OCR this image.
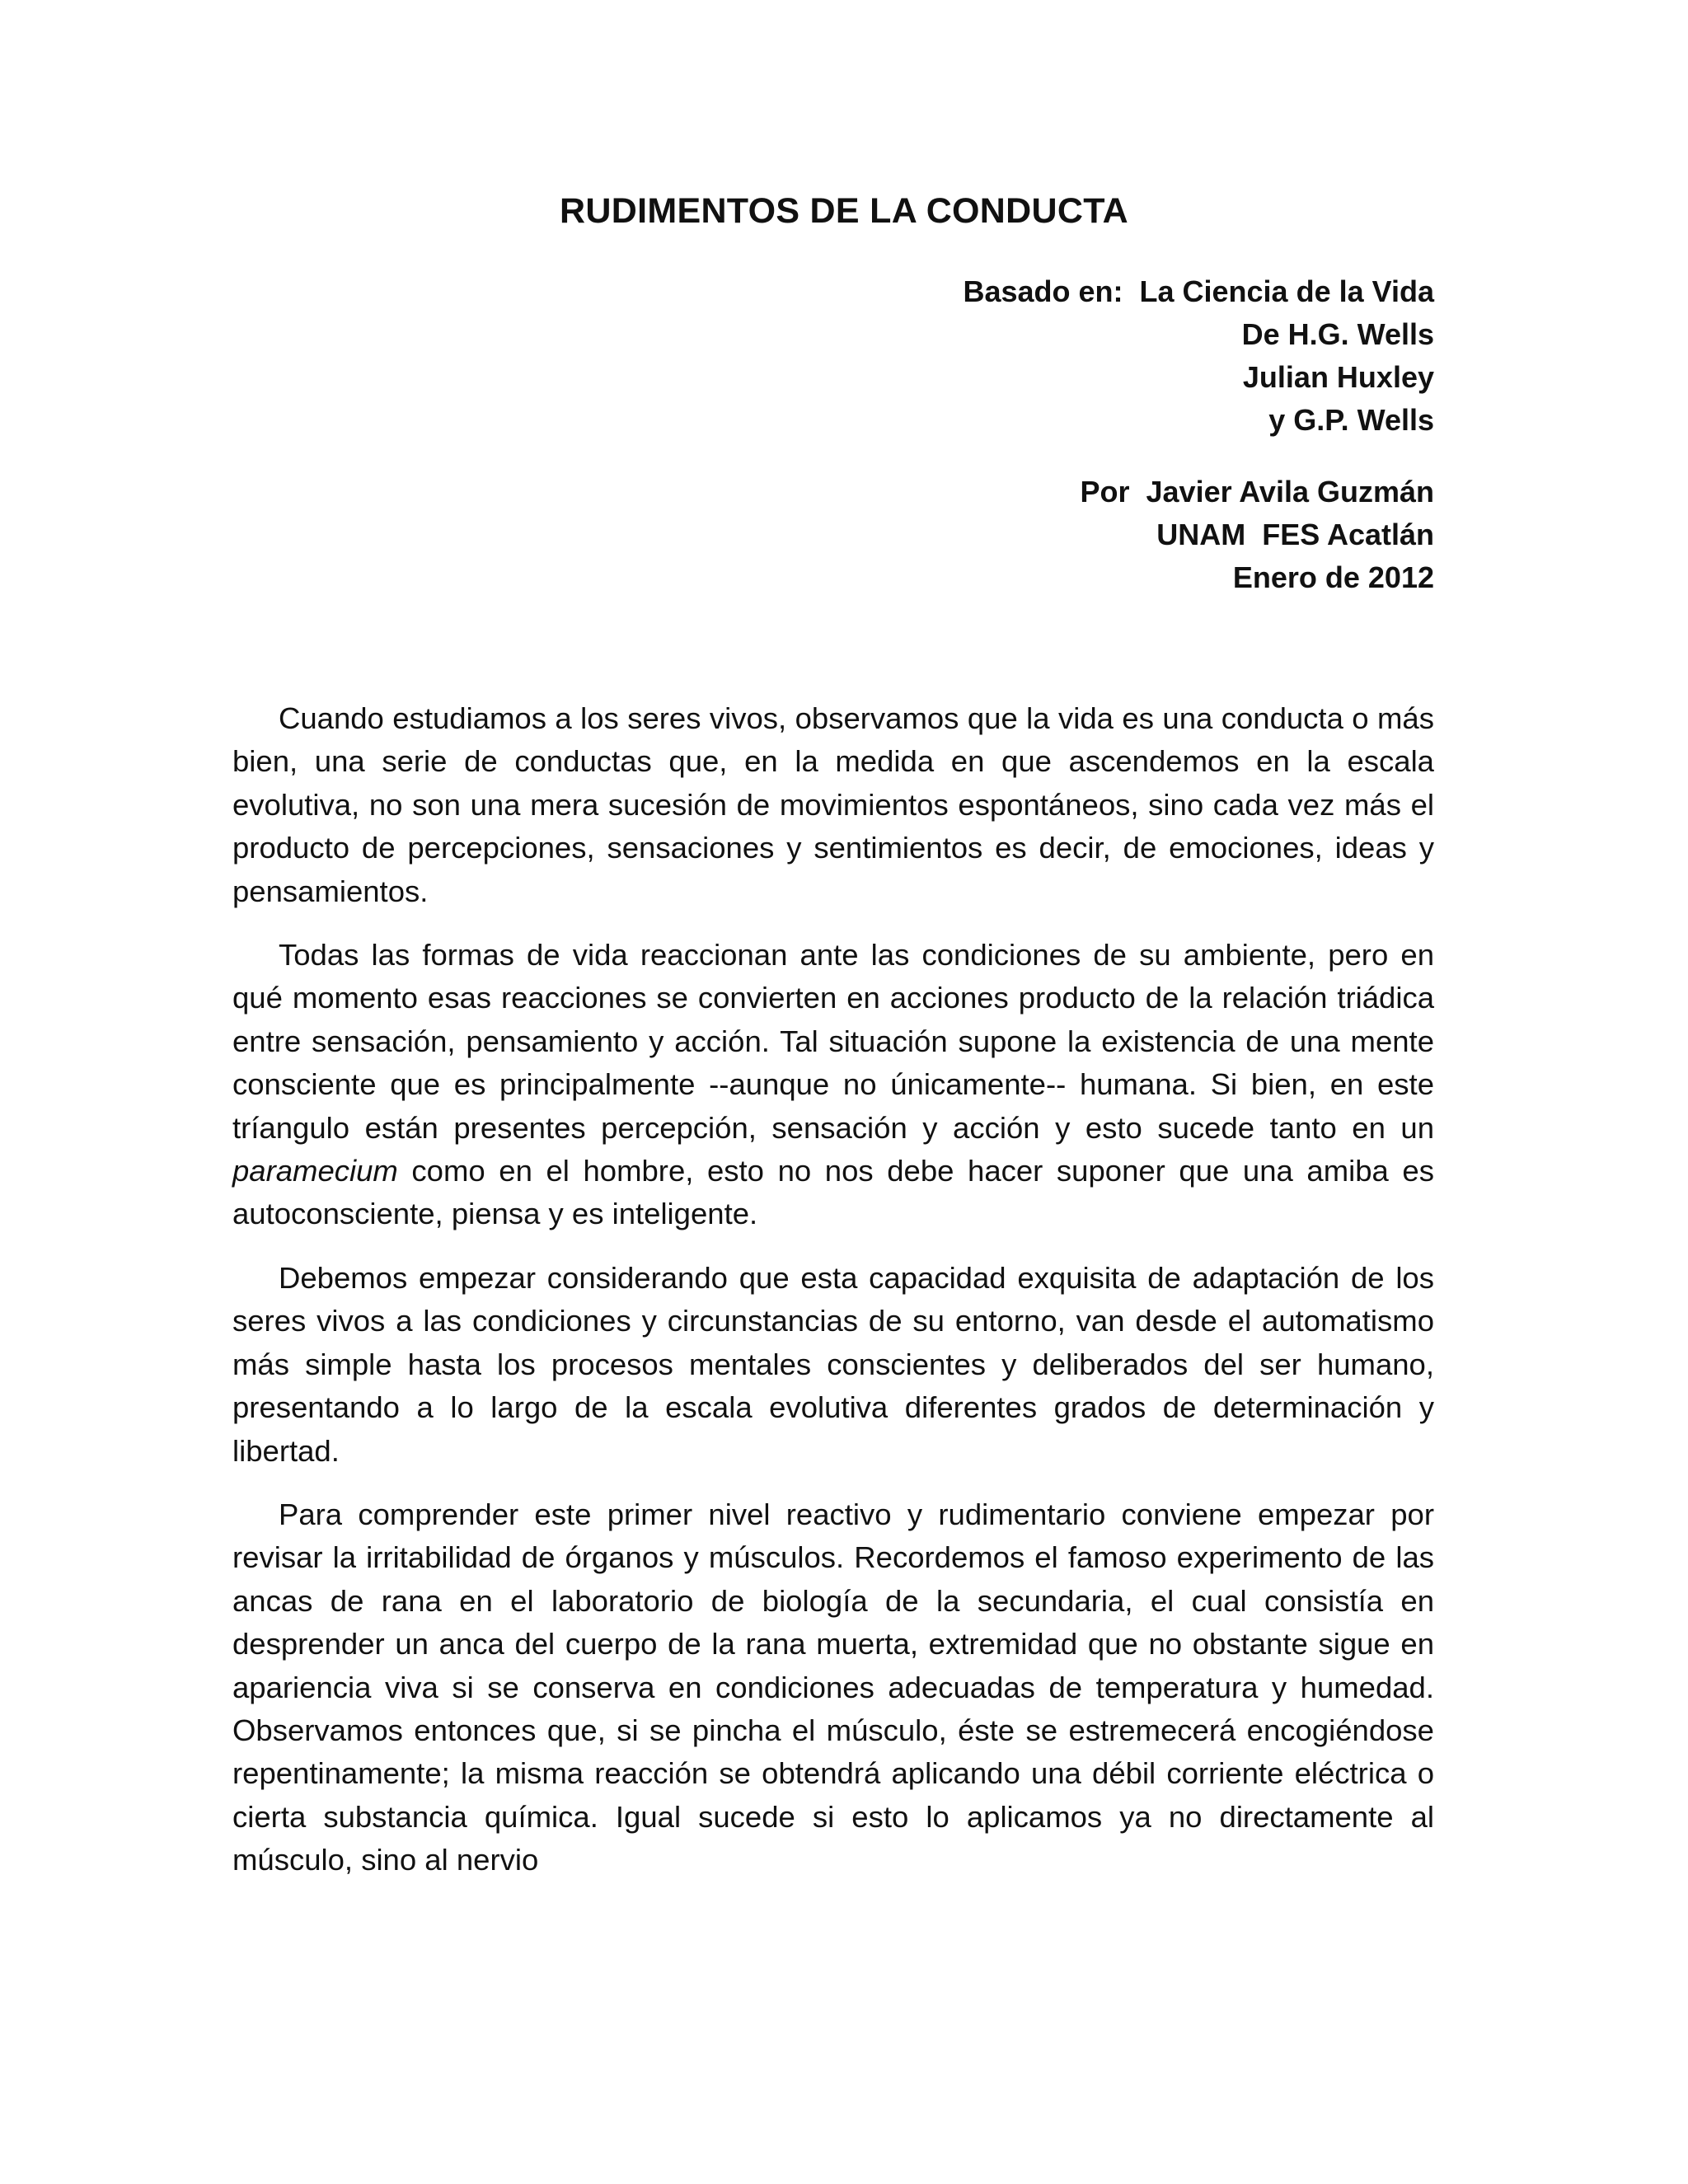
RUDIMENTOS DE LA CONDUCTA
Basado en:  La Ciencia de la Vida
De H.G. Wells
Julian Huxley
y G.P. Wells
Por  Javier Avila Guzmán
UNAM  FES Acatlán
Enero de 2012

Cuando estudiamos a los seres vivos, observamos que la vida es una conducta o más bien, una serie de conductas que, en la medida en que ascendemos en la escala evolutiva, no son una mera sucesión de movimientos espontáneos, sino cada vez más el producto de percepciones, sensaciones y sentimientos es decir, de emociones, ideas y pensamientos.

Todas las formas de vida reaccionan ante las condiciones de su ambiente, pero en qué momento esas reacciones se convierten en acciones producto de la relación triádica entre sensación, pensamiento y acción. Tal situación supone la existencia de una mente consciente que es principalmente --aunque no únicamente-- humana. Si bien, en este tríangulo están presentes percepción, sensación y acción y esto sucede tanto en un paramecium como en el hombre, esto no nos debe hacer suponer que una amiba es autoconsciente, piensa y es inteligente.

Debemos empezar considerando que esta capacidad exquisita de adaptación de los seres vivos a las condiciones y circunstancias de su entorno, van desde el automatismo más simple hasta los procesos mentales conscientes y deliberados del ser humano, presentando a lo largo de la escala evolutiva diferentes grados de determinación y libertad.

Para comprender este primer nivel reactivo y rudimentario conviene empezar por revisar la irritabilidad de órganos y músculos. Recordemos el famoso experimento de las ancas de rana en el laboratorio de biología de la secundaria, el cual consistía en desprender un anca del cuerpo de la rana muerta, extremidad que no obstante sigue en apariencia viva si se conserva en condiciones adecuadas de temperatura y humedad. Observamos entonces que, si se pincha el músculo, éste se estremecerá encogiéndose repentinamente; la misma reacción se obtendrá aplicando una débil corriente eléctrica o cierta substancia química. Igual sucede si esto lo aplicamos ya no directamente al músculo, sino al nervio
